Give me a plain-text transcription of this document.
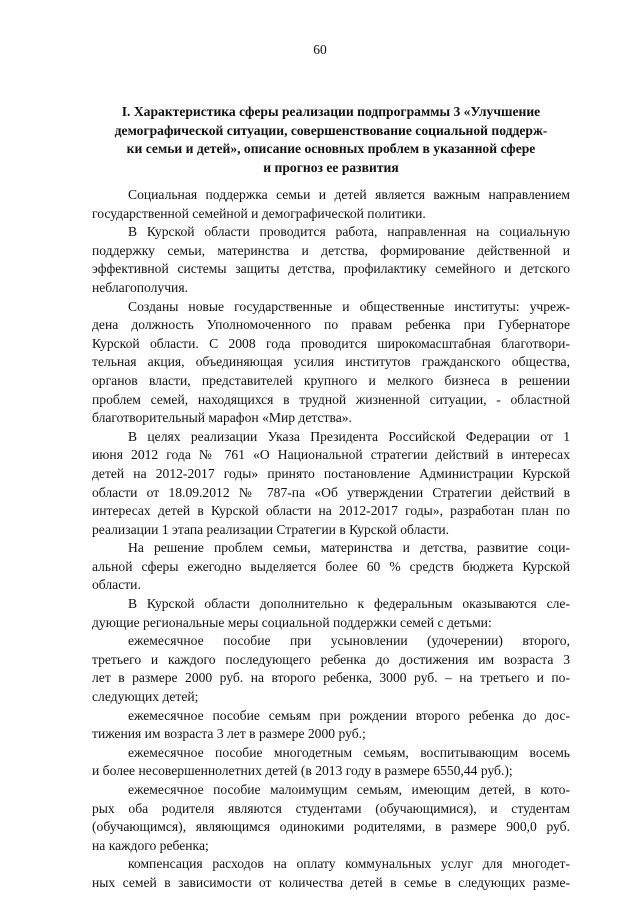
60
I. Характеристика сферы реализации подпрограммы 3 «Улучшение
демографической ситуации, совершенствование социальной поддерж-
ки семьи и детей», описание основных проблем в указанной сфере
и прогноз ее развития
Социальная поддержка семьи и детей является важным направлением
государственной семейной и демографической политики.
В Курской области проводится работа, направленная на социальную
поддержку семьи, материнства и детства, формирование действенной и
эффективной системы защиты детства, профилактику семейного и детского
неблагополучия.
Созданы новые государственные и общественные институты: учреж-
дена должность Уполномоченного по правам ребенка при Губернаторе
Курской области. С 2008 года проводится широкомасштабная благотвори-
тельная акция, объединяющая усилия институтов гражданского общества,
органов власти, представителей крупного и мелкого бизнеса в решении
проблем семей, находящихся в трудной жизненной ситуации, - областной
благотворительный марафон «Мир детства».
В целях реализации Указа Президента Российской Федерации от 1
июня 2012 года № 761 «О Национальной стратегии действий в интересах
детей на 2012-2017 годы» принято постановление Администрации Курской
области от 18.09.2012 № 787-па «Об утверждении Стратегии действий в
интересах детей в Курской области на 2012-2017 годы», разработан план по
реализации 1 этапа реализации Стратегии в Курской области.
На решение проблем семьи, материнства и детства, развитие соци-
альной сферы ежегодно выделяется более 60 % средств бюджета Курской
области.
В Курской области дополнительно к федеральным оказываются сле-
дующие региональные меры социальной поддержки семей с детьми:
ежемесячное пособие при усыновлении (удочерении) второго,
третьего и каждого последующего ребенка до достижения им возраста 3
лет в размере 2000 руб. на второго ребенка, 3000 руб. – на третьего и по-
следующих детей;
ежемесячное пособие семьям при рождении второго ребенка до дос-
тижения им возраста 3 лет в размере 2000 руб.;
ежемесячное пособие многодетным семьям, воспитывающим восемь
и более несовершеннолетних детей (в 2013 году в размере 6550,44 руб.);
ежемесячное пособие малоимущим семьям, имеющим детей, в кото-
рых оба родителя являются студентами (обучающимися), и студентам
(обучающимся), являющимся одинокими родителями, в размере 900,0 руб.
на каждого ребенка;
компенсация расходов на оплату коммунальных услуг для многодет-
ных семей в зависимости от количества детей в семье в следующих разме-
